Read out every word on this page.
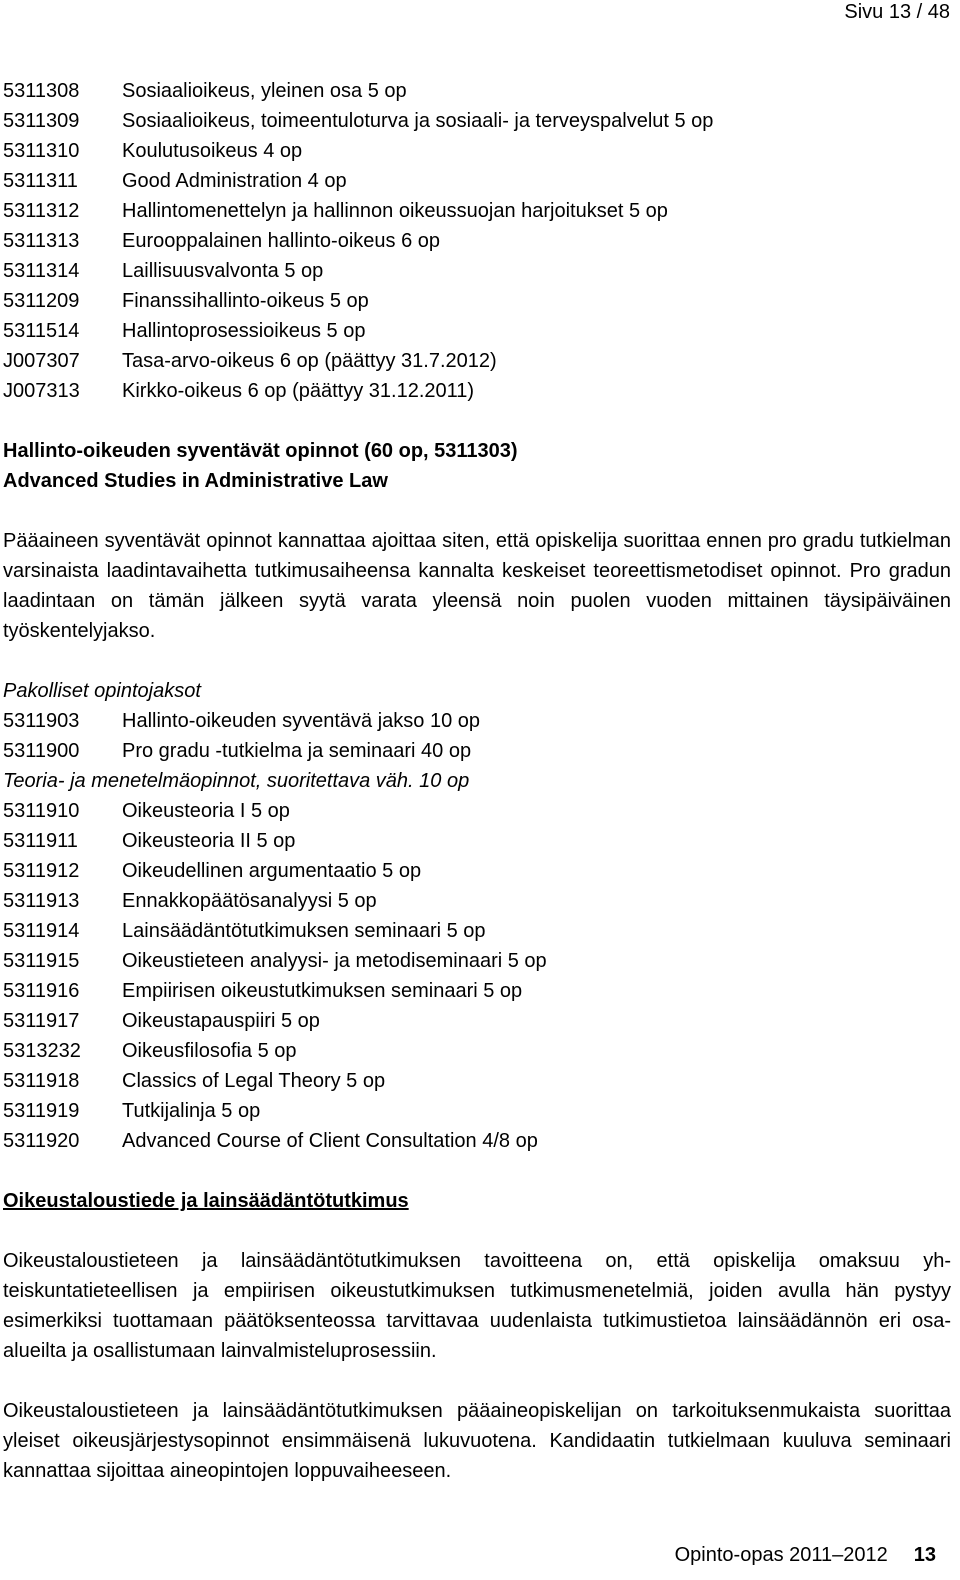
Sivu 13 / 48
5311308	Sosiaalioikeus, yleinen osa 5 op
5311309	Sosiaalioikeus, toimeentuloturva ja sosiaali- ja terveyspalvelut 5 op
5311310	Koulutusoikeus 4 op
5311311	Good Administration 4 op
5311312	Hallintomenettelyn ja hallinnon oikeussuojan harjoitukset 5 op
5311313	Eurooppalainen hallinto-oikeus 6 op
5311314	Laillisuusvalvonta 5 op
5311209	Finanssihallinto-oikeus 5 op
5311514	Hallintoprosessioikeus 5 op
J007307	Tasa-arvo-oikeus 6 op (päättyy 31.7.2012)
J007313	Kirkko-oikeus 6 op (päättyy 31.12.2011)

Hallinto-oikeuden syventävät opinnot (60 op, 5311303)

Advanced Studies in Administrative Law

Pääaineen syventävät opinnot kannattaa ajoittaa siten, että opiskelija suorittaa ennen pro gradu tutkielman varsinaista laadintavaihetta tutkimusaiheensa kannalta keskeiset teoreettismetodiset opinnot. Pro gradun laadintaan on tämän jälkeen syytä varata yleensä noin puolen vuoden mittainen täysipäiväinen työskentelyjakso.

Pakolliset opintojaksot

5311903	Hallinto-oikeuden syventävä jakso 10 op
5311900	Pro gradu -tutkielma ja seminaari 40 op

Teoria- ja menetelmäopinnot, suoritettava väh. 10 op

5311910	Oikeusteoria I 5 op
5311911	Oikeusteoria II 5 op
5311912	Oikeudellinen argumentaatio 5 op
5311913	Ennakkopäätösanalyysi 5 op
5311914	Lainsäädäntötutkimuksen seminaari 5 op
5311915	Oikeustieteen analyysi- ja metodiseminaari 5 op
5311916	Empiirisen oikeustutkimuksen seminaari 5 op
5311917	Oikeustapauspiiri 5 op
5313232	Oikeusfilosofia 5 op
5311918	Classics of Legal Theory 5 op
5311919	Tutkijalinja 5 op
5311920	Advanced Course of Client Consultation 4/8 op

Oikeustaloustiede ja lainsäädäntötutkimus

Oikeustaloustieteen ja lainsäädäntötutkimuksen tavoitteena on, että opiskelija omaksuu yhteiskuntatieteellisen ja empiirisen oikeustutkimuksen tutkimusmenetelmiä, joiden avulla hän pystyy esimerkiksi tuottamaan päätöksenteossa tarvittavaa uudenlaista tutkimustietoa lainsäädännön eri osa-alueilta ja osallistumaan lainvalmisteluprosessiin.

Oikeustaloustieteen ja lainsäädäntötutkimuksen pääaineopiskelijan on tarkoituksenmukaista suorittaa yleiset oikeusjärjestysopinnot ensimmäisenä lukuvuotena. Kandidaatin tutkielmaan kuuluva seminaari kannattaa sijoittaa aineopintojen loppuvaiheeseen.

Opinto-opas 2011–2012 13
